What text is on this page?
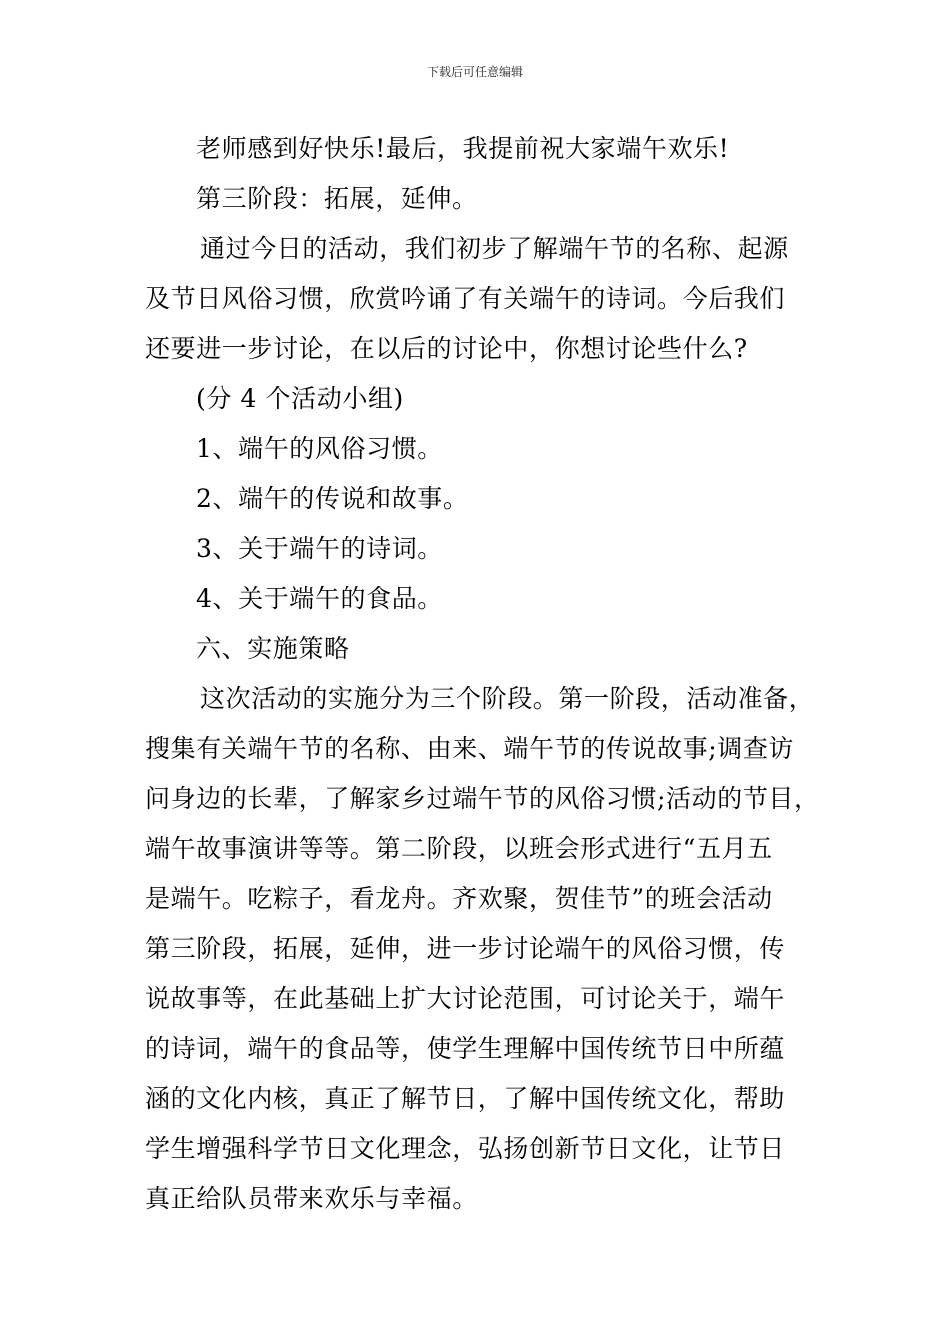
下载后可任意编辑
老师感到好快乐!最后，我提前祝大家端午欢乐!
第三阶段：拓展，延伸。
通过今日的活动，我们初步了解端午节的名称、起源
及节日风俗习惯，欣赏吟诵了有关端午的诗词。今后我们
还要进一步讨论，在以后的讨论中，你想讨论些什么?
(分 4 个活动小组)
1、端午的风俗习惯。
2、端午的传说和故事。
3、关于端午的诗词。
4、关于端午的食品。
六、实施策略
这次活动的实施分为三个阶段。第一阶段，活动准备，
搜集有关端午节的名称、由来、端午节的传说故事;调查访
问身边的长辈，了解家乡过端午节的风俗习惯;活动的节目，
端午故事演讲等等。第二阶段，以班会形式进行“五月五
是端午。吃粽子，看龙舟。齐欢聚，贺佳节”的班会活动
第三阶段，拓展，延伸，进一步讨论端午的风俗习惯，传
说故事等，在此基础上扩大讨论范围，可讨论关于，端午
的诗词，端午的食品等，使学生理解中国传统节日中所蕴
涵的文化内核，真正了解节日，了解中国传统文化，帮助
学生增强科学节日文化理念，弘扬创新节日文化，让节日
真正给队员带来欢乐与幸福。
